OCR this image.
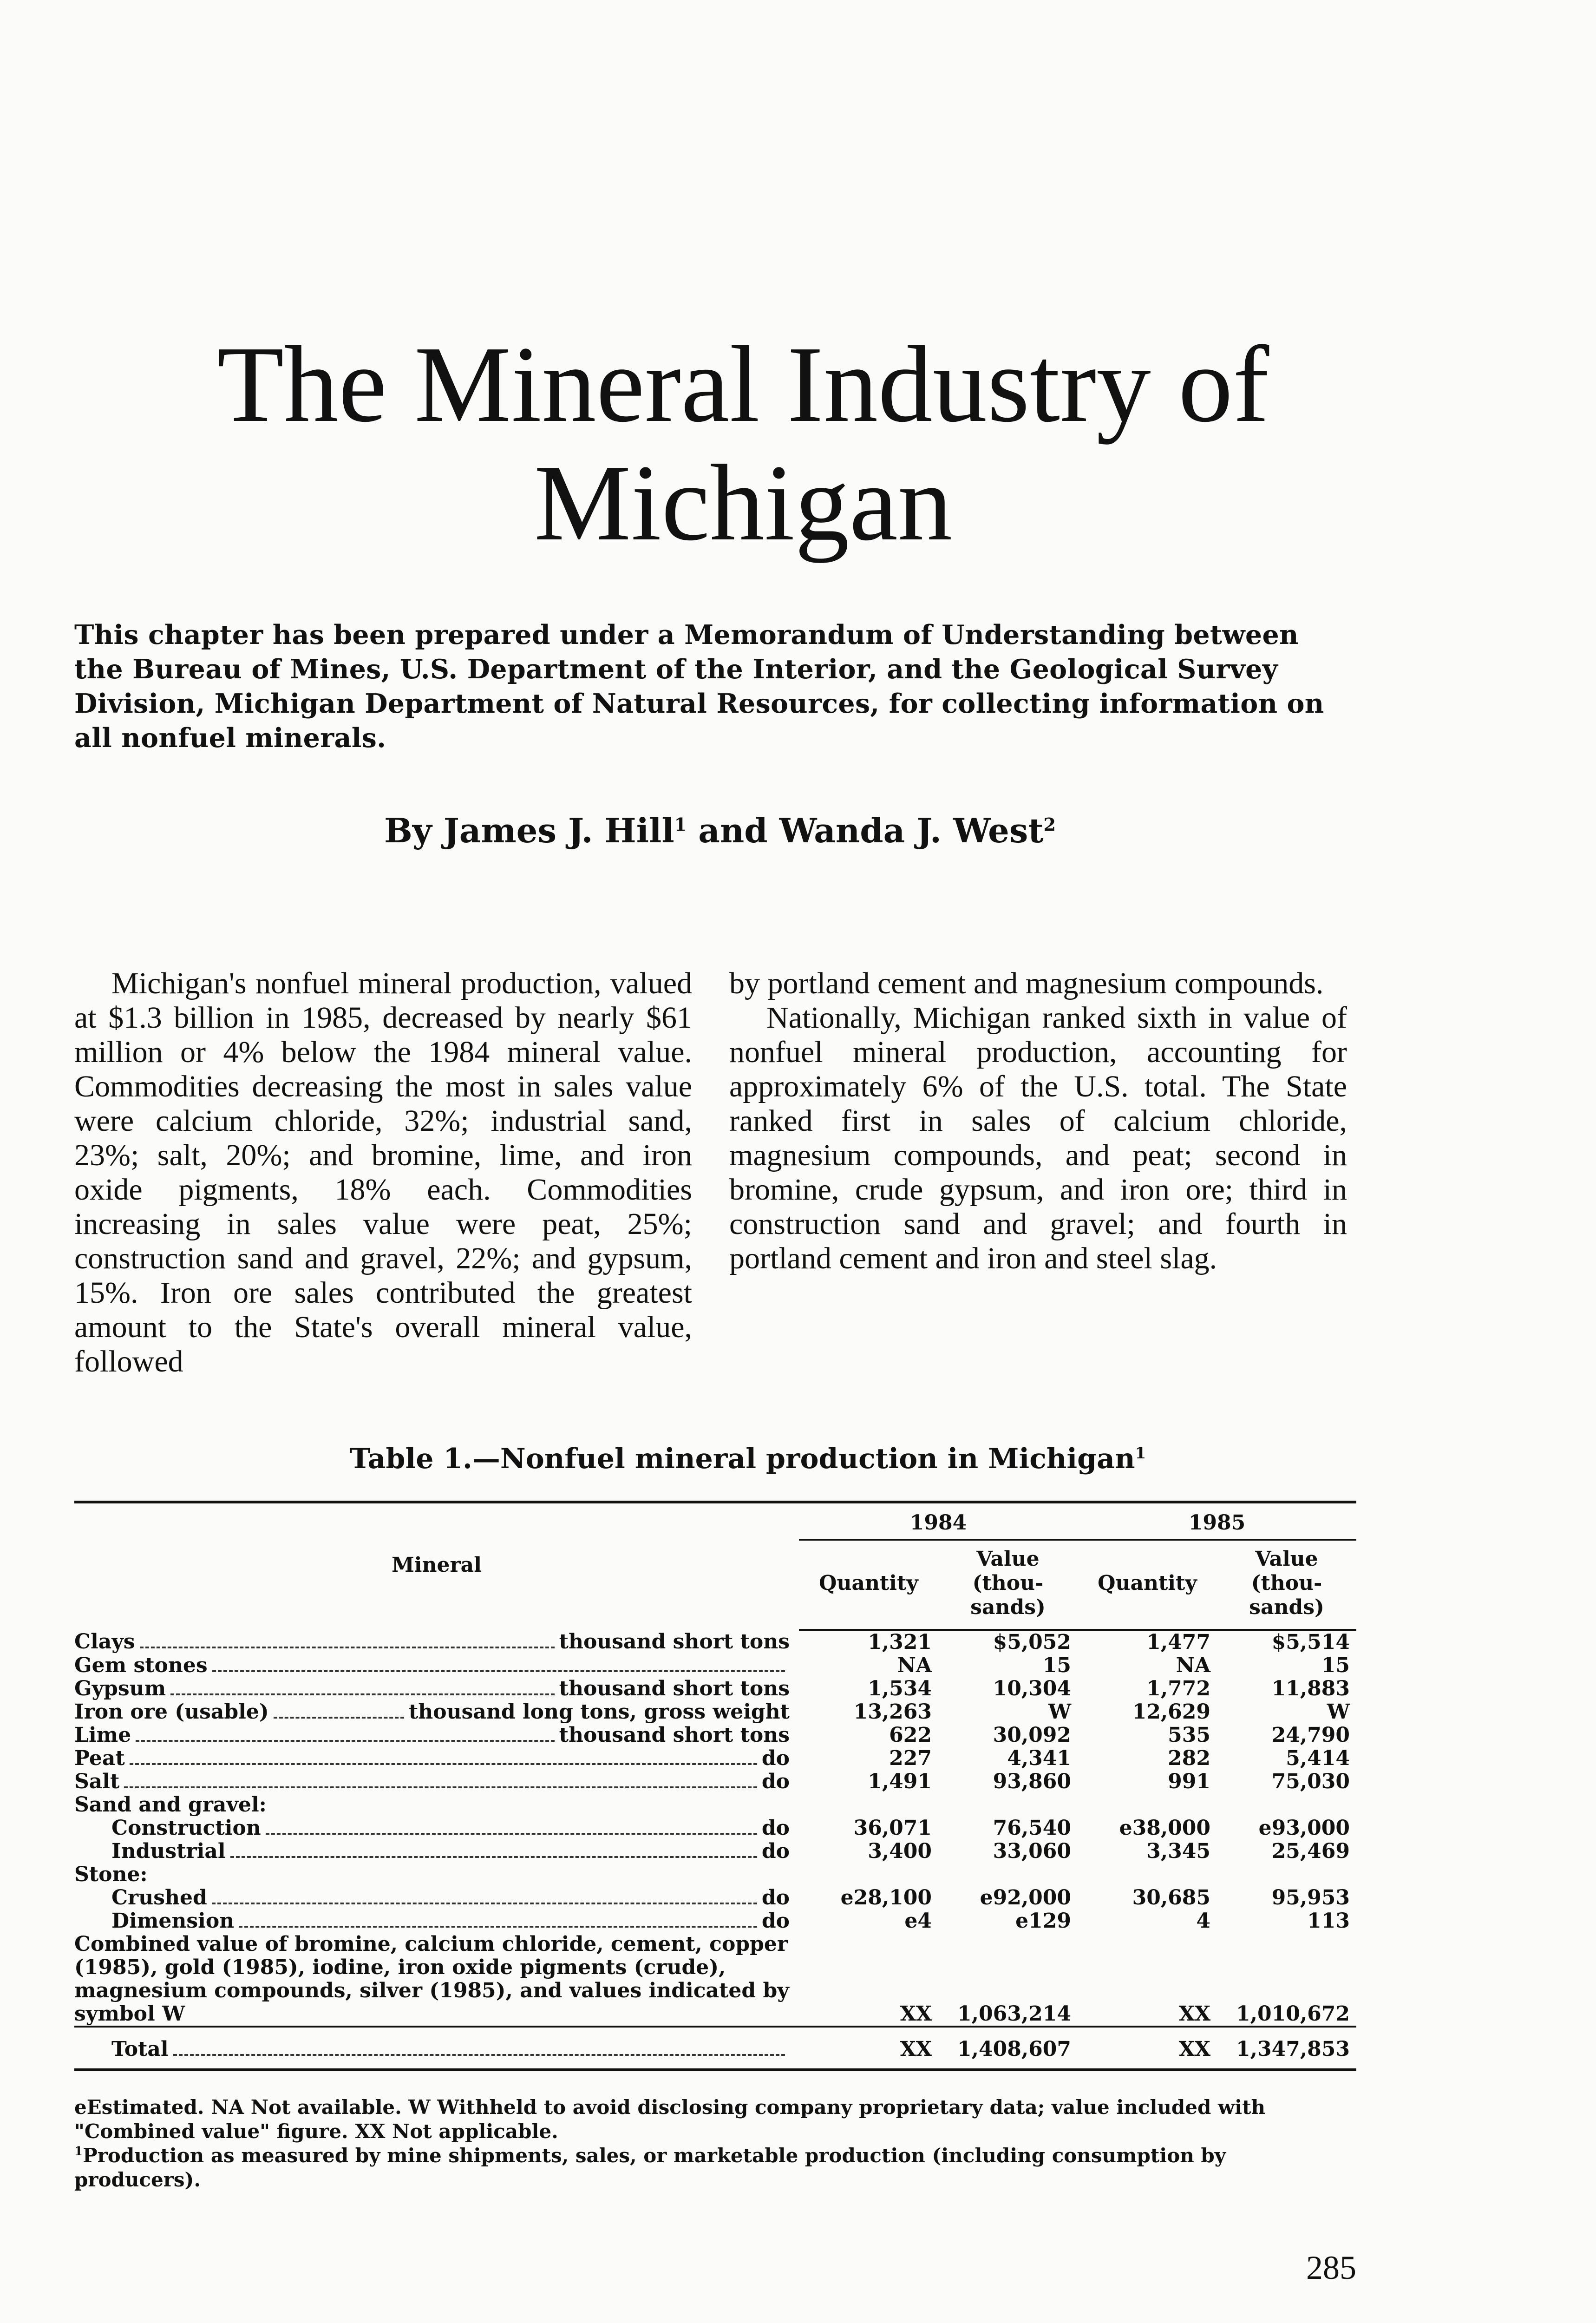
The Mineral Industry of
Michigan

This chapter has been prepared under a Memorandum of Understanding between the Bureau of Mines, U.S. Department of the Interior, and the Geological Survey Division, Michigan Department of Natural Resources, for collecting information on all nonfuel minerals.

By James J. Hill$^1$ and Wanda J. West$^2$

Michigan's nonfuel mineral production, valued at $1.3 billion in 1985, decreased by nearly $61 million or 4% below the 1984 mineral value. Commodities decreasing the most in sales value were calcium chloride, 32%; industrial sand, 23%; salt, 20%; and bromine, lime, and iron oxide pigments, 18% each. Commodities increasing in sales value were peat, 25%; construction sand and gravel, 22%; and gypsum, 15%. Iron ore sales contributed the greatest amount to the State's overall mineral value, followed

by portland cement and magnesium compounds.

Nationally, Michigan ranked sixth in value of nonfuel mineral production, accounting for approximately 6% of the U.S. total. The State ranked first in sales of calcium chloride, magnesium compounds, and peat; second in bromine, crude gypsum, and iron ore; third in construction sand and gravel; and fourth in portland cement and iron and steel slag.

Table 1.—Nonfuel mineral production in Michigan$^1$

Mineral	1984		1985	
	Quantity	Value (thou- sands)	Quantity	Value (thou- sands)

Clays thousand short tons	1,321	$5,052	1,477	$5,514

Gem stones	NA	15	NA	15

Gypsum thousand short tons	1,534	10,304	1,772	11,883

Iron ore (usable) thousand long tons, gross weight	13,263	W	12,629	W

Lime thousand short tons	622	30,092	535	24,790

Peat do	227	4,341	282	5,414

Salt do	1,491	93,860	991	75,030
Sand and gravel:				

Construction do	36,071	76,540	e38,000	e93,000

Industrial do	3,400	33,060	3,345	25,469
Stone:				

Crushed do	e28,100	e92,000	30,685	95,953

Dimension do	e4	e129	4	113
Combined value of bromine, calcium chloride, cement, copper (1985), gold (1985), iodine, iron oxide pigments (crude), magnesium compounds, silver (1985), and values indicated by symbol W	XX	1,063,214	XX	1,010,672

Total	XX	1,408,607	XX	1,347,853

eEstimated. NA Not available. W Withheld to avoid disclosing company proprietary data; value included with "Combined value" figure. XX Not applicable.

$^1$Production as measured by mine shipments, sales, or marketable production (including consumption by producers).

285
